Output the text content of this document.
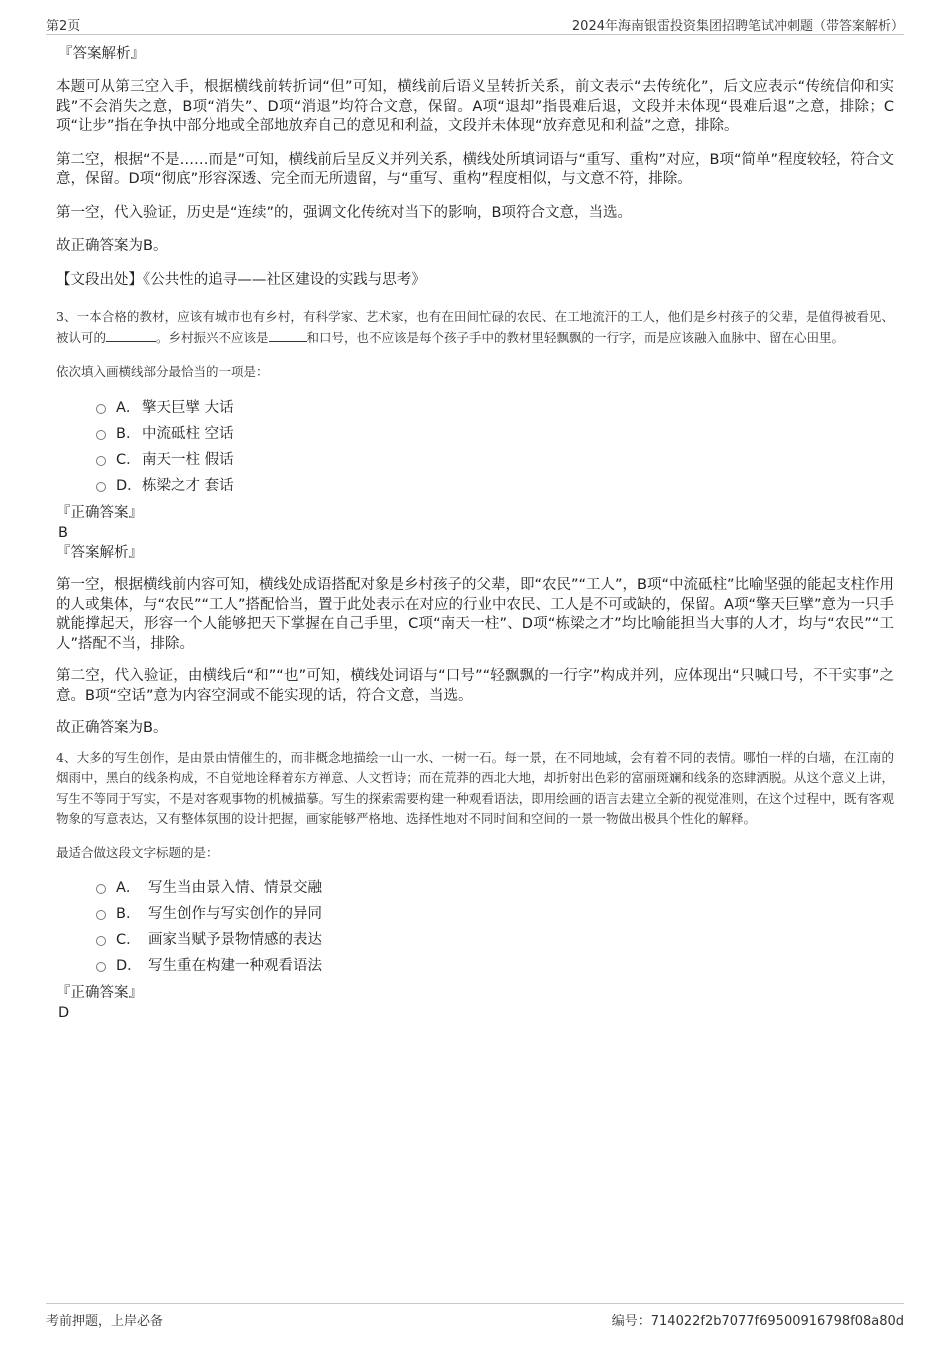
第2页	2024年海南银雷投资集团招聘笔试冲刺题（带答案解析）

『答案解析』

本题可从第三空入手，根据横线前转折词“但”可知，横线前后语义呈转折关系，前文表示“去传统化”，后文应表示“传统信仰和实践”不会消失之意，B项“消失”、D项“消退”均符合文意，保留。A项“退却”指畏难后退，文段并未体现“畏难后退”之意，排除；C项“让步”指在争执中部分地或全部地放弃自己的意见和利益，文段并未体现“放弃意见和利益”之意，排除。

第二空，根据“不是……而是”可知，横线前后呈反义并列关系，横线处所填词语与“重写、重构”对应，B项“简单”程度较轻，符合文意，保留。D项“彻底”形容深透、完全而无所遗留，与“重写、重构”程度相似，与文意不符，排除。

第一空，代入验证，历史是“连续”的，强调文化传统对当下的影响，B项符合文意，当选。

故正确答案为B。

【文段出处】《公共性的追寻——社区建设的实践与思考》

3、一本合格的教材，应该有城市也有乡村，有科学家、艺术家，也有在田间忙碌的农民、在工地流汗的工人，他们是乡村孩子的父辈，是值得被看见、被认可的	。乡村振兴不应该是	和口号，也不应该是每个孩子手中的教材里轻飘飘的一行字，而是应该融入血脉中、留在心田里。

依次填入画横线部分最恰当的一项是：

A． 擎天巨擘 大话
B． 中流砥柱 空话
C．南天一柱 假话
D．栋梁之才 套话

『正确答案』

B

『答案解析』

第一空，根据横线前内容可知，横线处成语搭配对象是乡村孩子的父辈，即“农民”“工人”，B项“中流砥柱”比喻坚强的能起支柱作用的人或集体，与“农民”“工人”搭配恰当，置于此处表示在对应的行业中农民、工人是不可或缺的，保留。A项“擎天巨擘”意为一只手就能撑起天，形容一个人能够把天下掌握在自己手里，C项“南天一柱”、D项“栋梁之才”均比喻能担当大事的人才，均与“农民”“工人”搭配不当，排除。

第二空，代入验证，由横线后“和”“也”可知，横线处词语与“口号”“轻飘飘的一行字”构成并列，应体现出“只喊口号，不干实事”之意。B项“空话”意为内容空洞或不能实现的话，符合文意，当选。

故正确答案为B。

4、大多的写生创作，是由景由情催生的，而非概念地描绘一山一水、一树一石。每一景，在不同地域，会有着不同的表情。哪怕一样的白墙，在江南的烟雨中，黑白的线条构成，不自觉地诠释着东方禅意、人文哲诗；而在荒莽的西北大地，却折射出色彩的富丽斑斓和线条的恣肆洒脱。从这个意义上讲，写生不等同于写实，不是对客观事物的机械描摹。写生的探索需要构建一种观看语法，即用绘画的语言去建立全新的视觉准则，在这个过程中，既有客观物象的写意表达，又有整体氛围的设计把握，画家能够严格地、选择性地对不同时间和空间的一景一物做出极具个性化的解释。

最适合做这段文字标题的是：

A． 写生当由景入情、情景交融
B． 写生创作与写实创作的异同
C． 画家当赋予景物情感的表达
D． 写生重在构建一种观看语法

『正确答案』

D

考前押题，上岸必备	编号：714022f2b7077f69500916798f08a80d
